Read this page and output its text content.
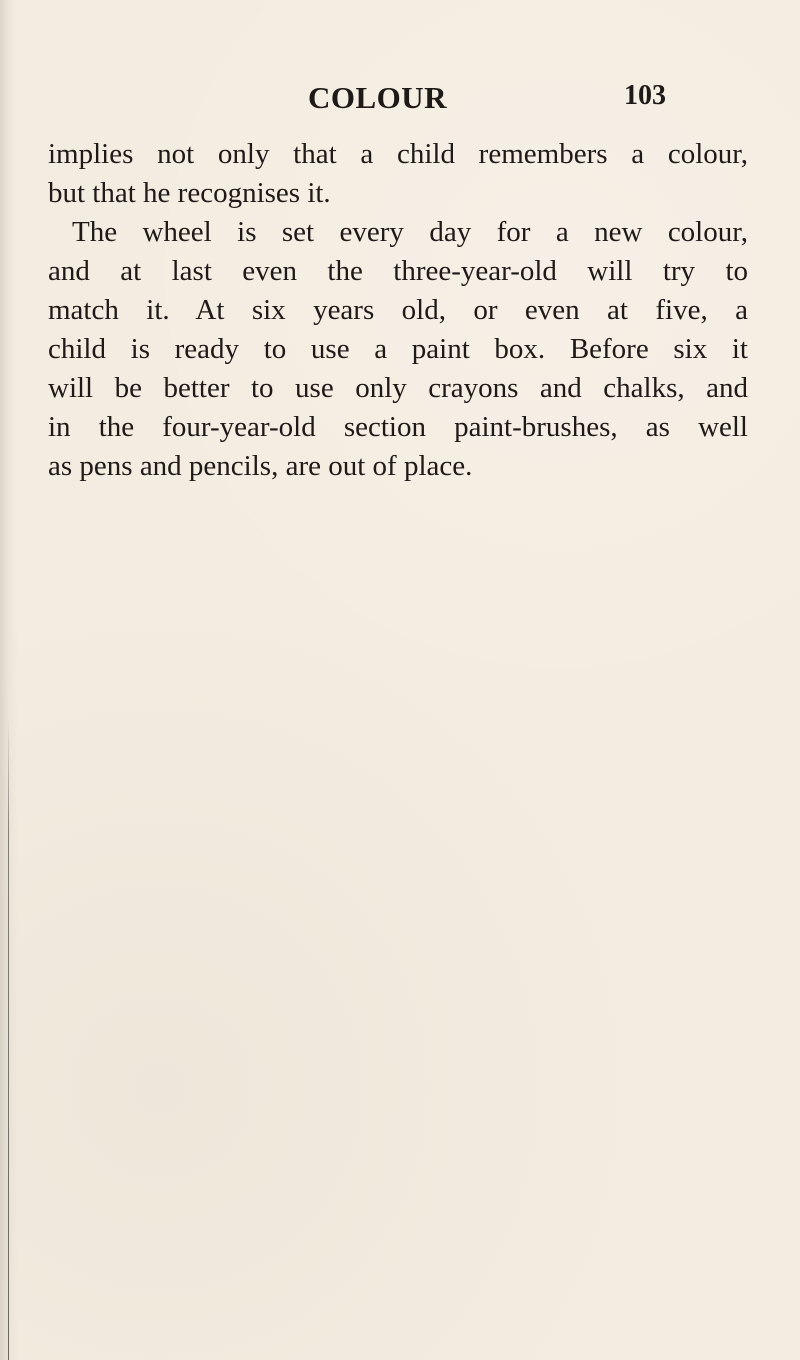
COLOUR	103

implies not only that a child remembers a colour,
but that he recognises it.

The wheel is set every day for a new colour,
and at last even the three-year-old will try to
match it. At six years old, or even at five, a
child is ready to use a paint box. Before six it
will be better to use only crayons and chalks, and
in the four-year-old section paint-brushes, as well
as pens and pencils, are out of place.
